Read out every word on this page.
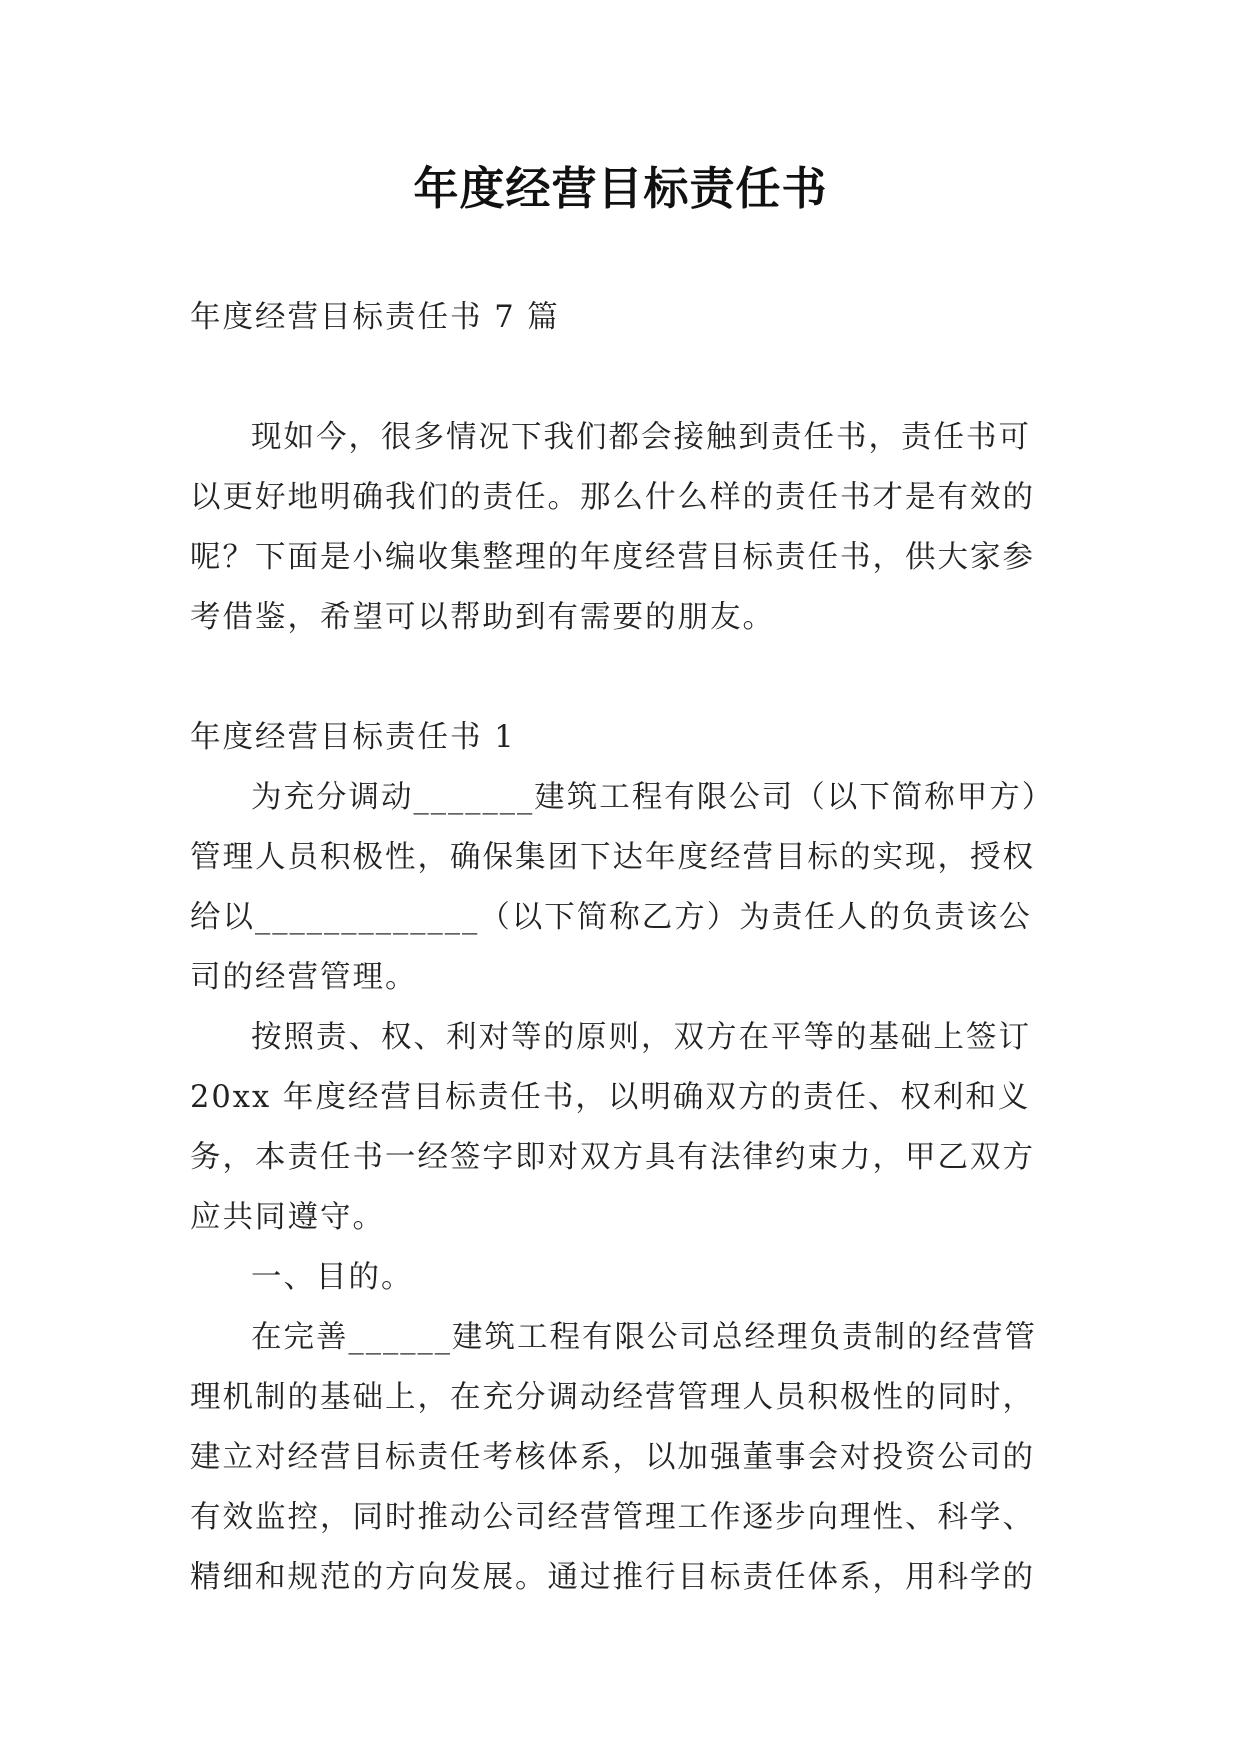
年度经营目标责任书

年度经营目标责任书 7 篇

现如今，很多情况下我们都会接触到责任书，责任书可以更好地明确我们的责任。那么什么样的责任书才是有效的呢？下面是小编收集整理的年度经营目标责任书，供大家参考借鉴，希望可以帮助到有需要的朋友。

年度经营目标责任书 1

为充分调动_______建筑工程有限公司（以下简称甲方）管理人员积极性，确保集团下达年度经营目标的实现，授权给以_____________（以下简称乙方）为责任人的负责该公司的经营管理。

按照责、权、利对等的原则，双方在平等的基础上签订 20xx 年度经营目标责任书，以明确双方的责任、权利和义务，本责任书一经签字即对双方具有法律约束力，甲乙双方应共同遵守。

一、目的。

在完善______建筑工程有限公司总经理负责制的经营管理机制的基础上，在充分调动经营管理人员积极性的同时，建立对经营目标责任考核体系，以加强董事会对投资公司的有效监控，同时推动公司经营管理工作逐步向理性、科学、精细和规范的方向发展。通过推行目标责任体系，用科学的
